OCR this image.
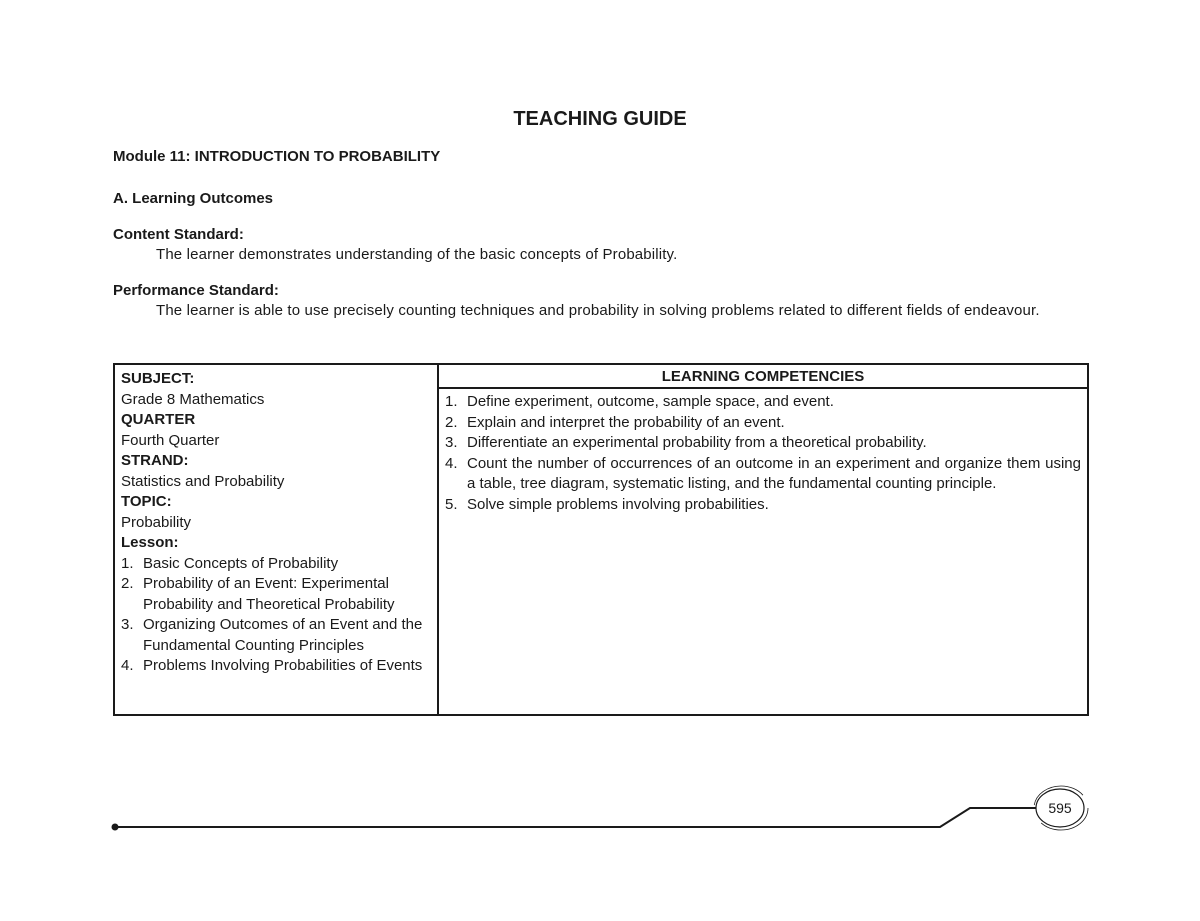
TEACHING GUIDE

Module 11: INTRODUCTION TO PROBABILITY

A. Learning Outcomes

Content Standard:

The learner demonstrates understanding of the basic concepts of Probability.

Performance Standard:

The learner is able to use precisely counting techniques and probability in solving problems related to different fields of endeavour.

SUBJECT:
Grade 8 Mathematics
QUARTER
Fourth Quarter
STRAND:
Statistics and Probability
TOPIC:
Probability
Lesson:
1. Basic Concepts of Probability
2. Probability of an Event: Experimental Probability and Theoretical Probability
3. Organizing Outcomes of an Event and the Fundamental Counting Principles
4. Problems Involving Probabilities of Events
LEARNING COMPETENCIES
1. Define experiment, outcome, sample space, and event.
2. Explain and interpret the probability of an event.
3. Differentiate an experimental probability from a theoretical probability.
4. Count the number of occurrences of an outcome in an experiment and organize them using a table, tree diagram, systematic listing, and the fundamental counting principle.
5. Solve simple problems involving probabilities.
595
